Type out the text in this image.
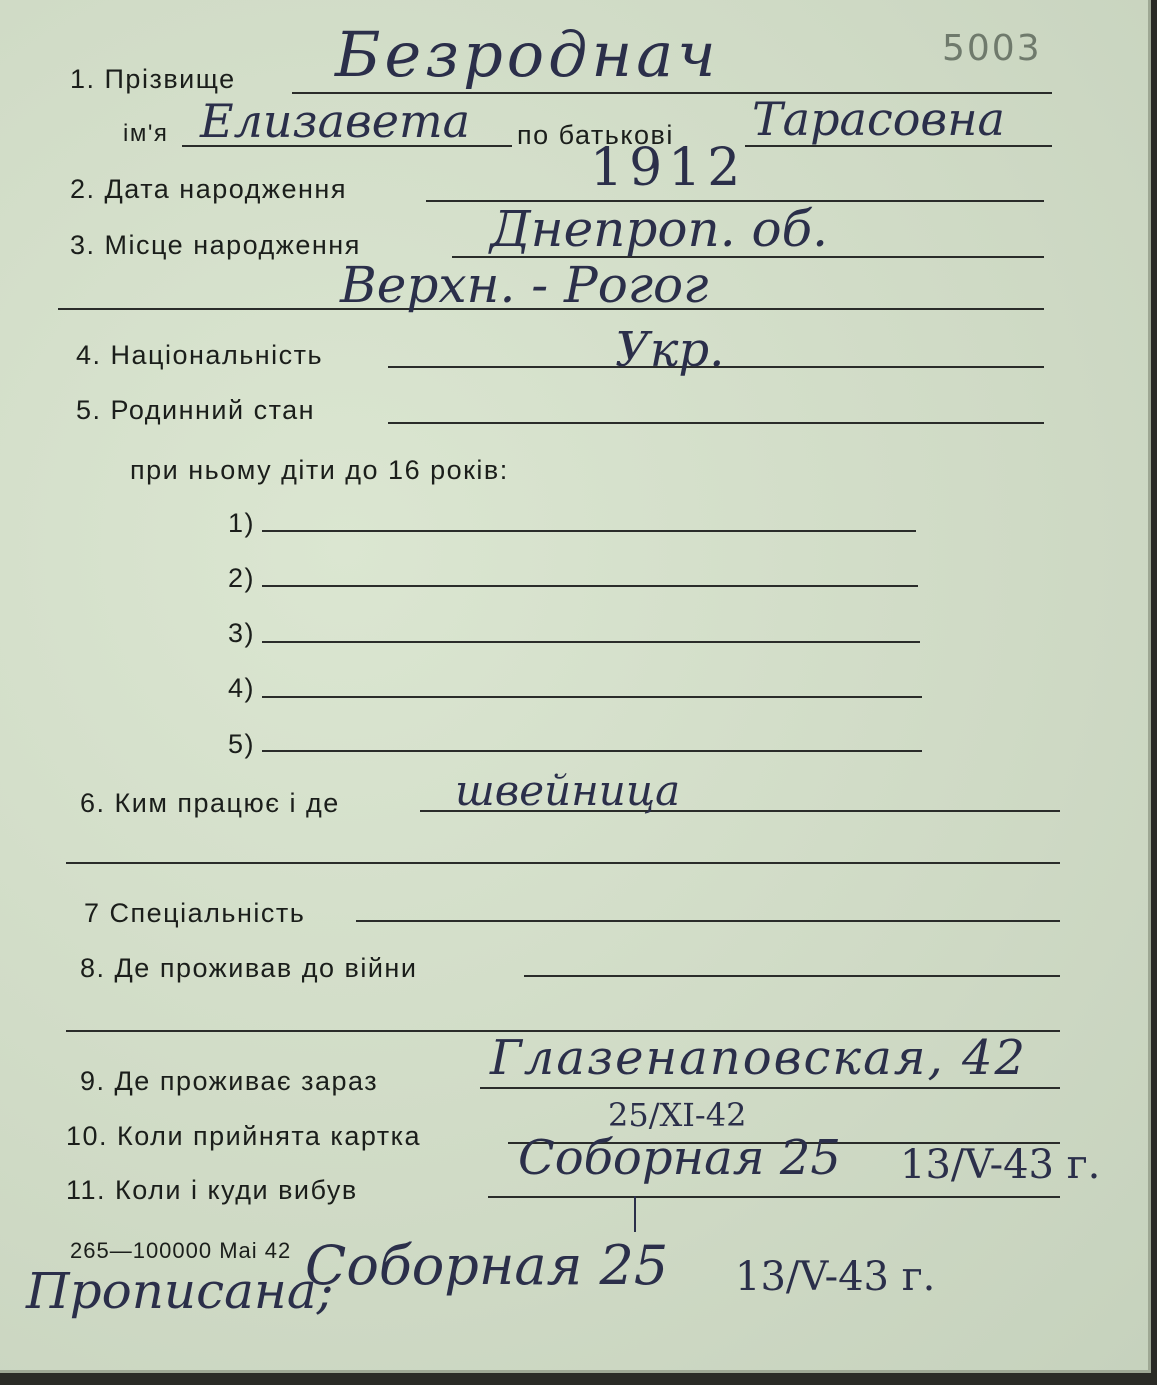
5003
1. Прізвище Безроднач
ім'я Елизавета по батькові Тарасовна
2. Дата народження	1912
3. Місце народження	Днепроп. об.
Верхн. - Рогог
4. Національність	Укр.
5. Родинний стан
при ньому діти до 16 років:
1)
2)
3)
4)
5)
6. Ким працює і де	швейница
7 Спеціальність
8. Де проживав до війни
9. Де проживає зараз Глазенаповская, 42
10. Коли прийнята картка
25/XI-42
11. Коли і куди вибув
Соборная 25 13/V-43 г.
265—100000 Mai 42
Прописана;
Соборная 25 13/V-43 г.
